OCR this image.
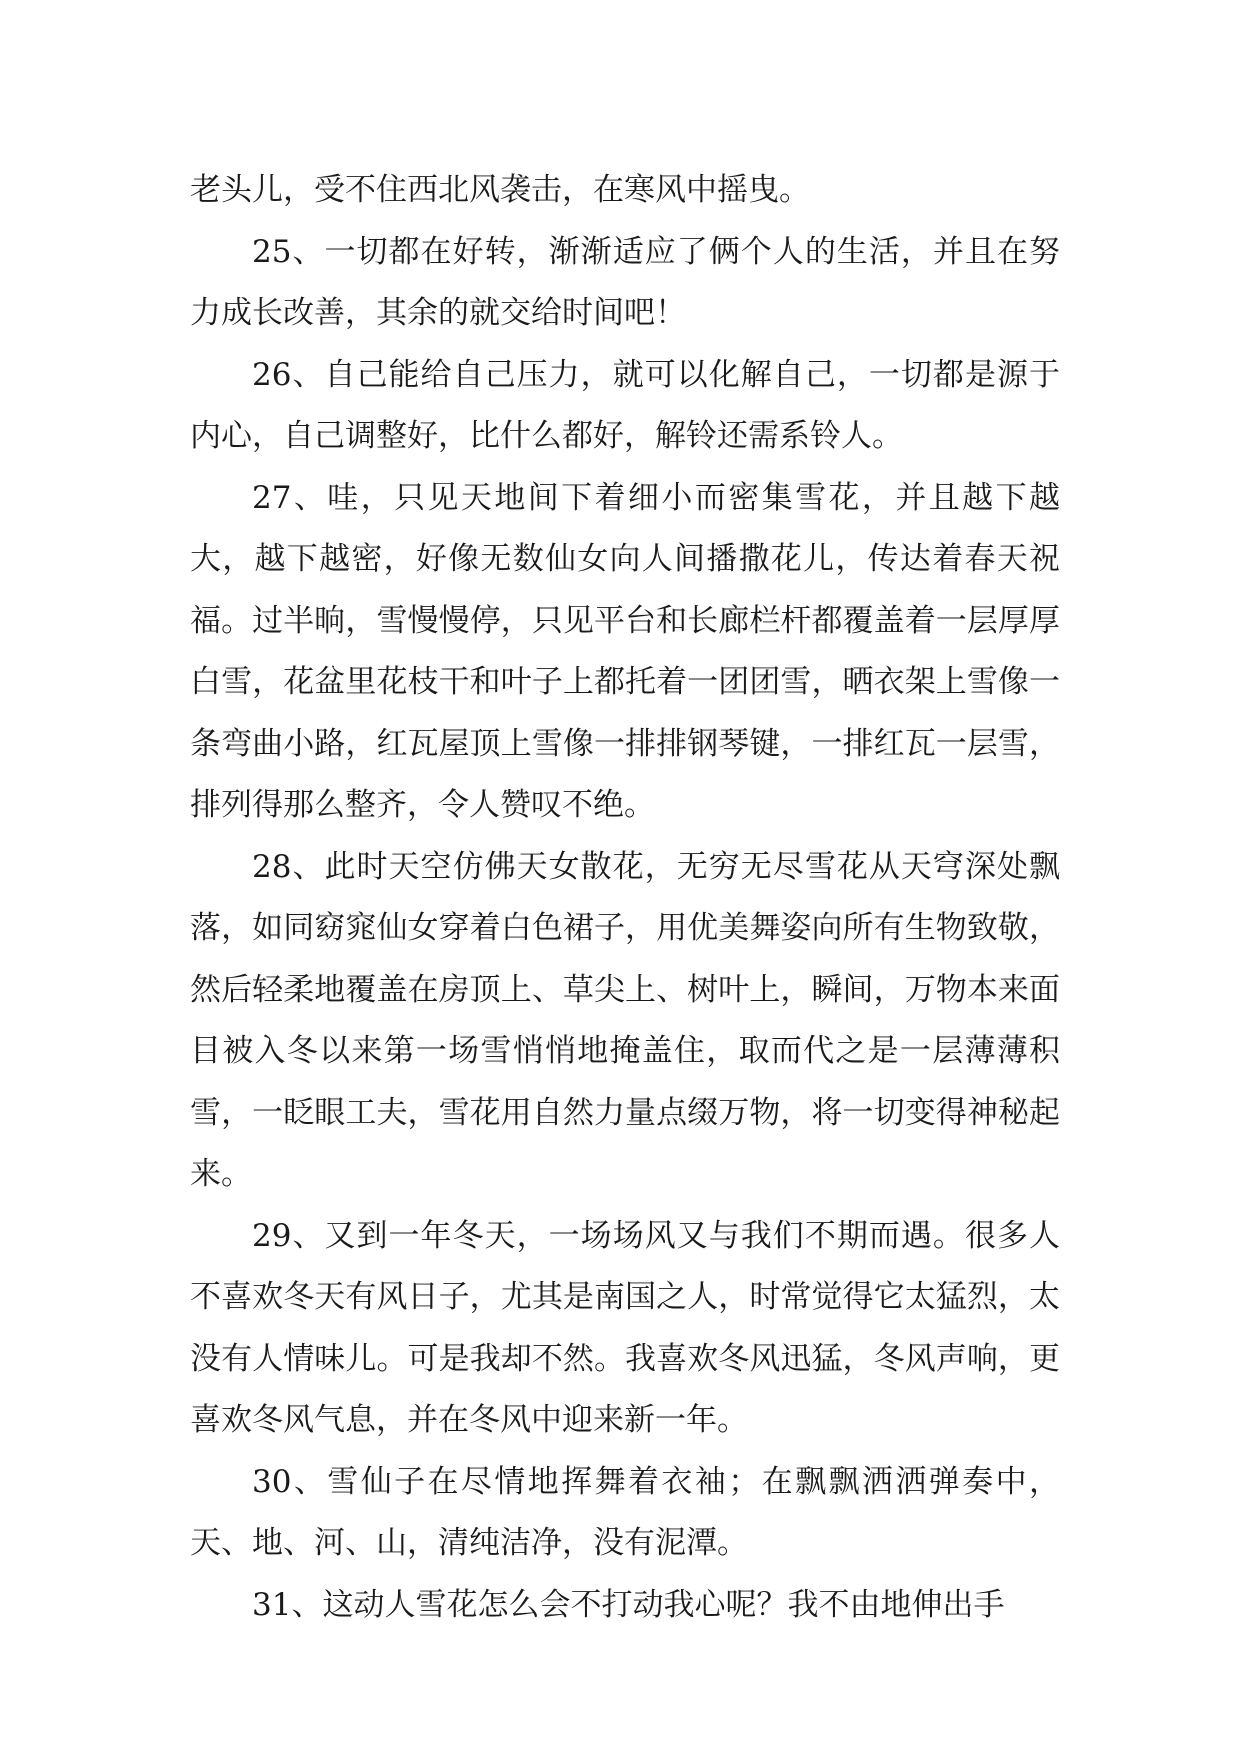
老头儿，受不住西北风袭击，在寒风中摇曳。

25、一切都在好转，渐渐适应了俩个人的生活，并且在努力成长改善，其余的就交给时间吧！

26、自己能给自己压力，就可以化解自己，一切都是源于内心，自己调整好，比什么都好，解铃还需系铃人。

27、哇，只见天地间下着细小而密集雪花，并且越下越大，越下越密，好像无数仙女向人间播撒花儿，传达着春天祝福。过半晌，雪慢慢停，只见平台和长廊栏杆都覆盖着一层厚厚白雪，花盆里花枝干和叶子上都托着一团团雪，晒衣架上雪像一条弯曲小路，红瓦屋顶上雪像一排排钢琴键，一排红瓦一层雪，排列得那么整齐，令人赞叹不绝。

28、此时天空仿佛天女散花，无穷无尽雪花从天穹深处飘落，如同窈窕仙女穿着白色裙子，用优美舞姿向所有生物致敬，然后轻柔地覆盖在房顶上、草尖上、树叶上，瞬间，万物本来面目被入冬以来第一场雪悄悄地掩盖住，取而代之是一层薄薄积雪，一眨眼工夫，雪花用自然力量点缀万物，将一切变得神秘起来。

29、又到一年冬天，一场场风又与我们不期而遇。很多人不喜欢冬天有风日子，尤其是南国之人，时常觉得它太猛烈，太没有人情味儿。可是我却不然。我喜欢冬风迅猛，冬风声响，更喜欢冬风气息，并在冬风中迎来新一年。

30、雪仙子在尽情地挥舞着衣袖；在飘飘洒洒弹奏中，天、地、河、山，清纯洁净，没有泥潭。

31、这动人雪花怎么会不打动我心呢？我不由地伸出手
